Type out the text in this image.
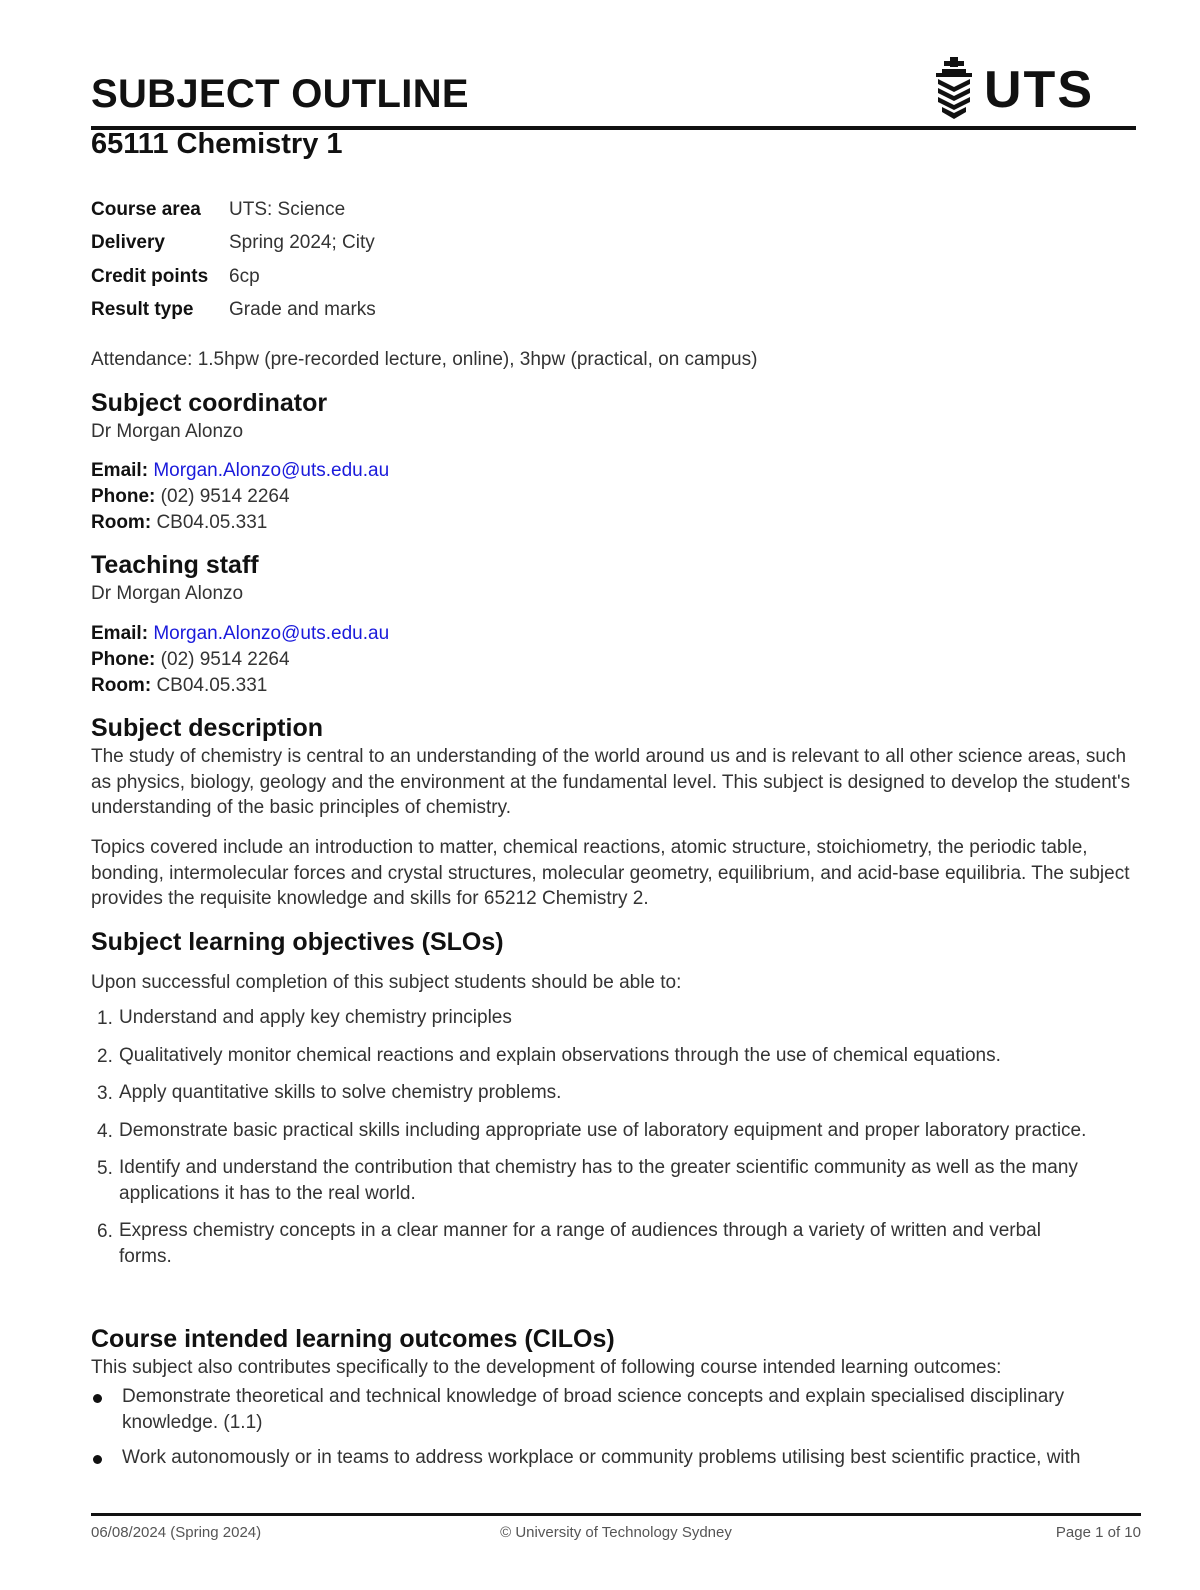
SUBJECT OUTLINE	UTS
65111 Chemistry 1
Course area	UTS: Science
Delivery	Spring 2024; City
Credit points	6cp
Result type	Grade and marks
Attendance: 1.5hpw (pre-recorded lecture, online), 3hpw (practical, on campus)
Subject coordinator
Dr Morgan Alonzo
Email: Morgan.Alonzo@uts.edu.au
Phone: (02) 9514 2264
Room: CB04.05.331
Teaching staff
Dr Morgan Alonzo
Email: Morgan.Alonzo@uts.edu.au
Phone: (02) 9514 2264
Room: CB04.05.331
Subject description
The study of chemistry is central to an understanding of the world around us and is relevant to all other science areas, such as physics, biology, geology and the environment at the fundamental level. This subject is designed to develop the student's understanding of the basic principles of chemistry.
Topics covered include an introduction to matter, chemical reactions, atomic structure, stoichiometry, the periodic table, bonding, intermolecular forces and crystal structures, molecular geometry, equilibrium, and acid-base equilibria. The subject provides the requisite knowledge and skills for 65212 Chemistry 2.
Subject learning objectives (SLOs)
Upon successful completion of this subject students should be able to:
1. Understand and apply key chemistry principles
2. Qualitatively monitor chemical reactions and explain observations through the use of chemical equations.
3. Apply quantitative skills to solve chemistry problems.
4. Demonstrate basic practical skills including appropriate use of laboratory equipment and proper laboratory practice.
5. Identify and understand the contribution that chemistry has to the greater scientific community as well as the many applications it has to the real world.
6. Express chemistry concepts in a clear manner for a range of audiences through a variety of written and verbal forms.
Course intended learning outcomes (CILOs)
This subject also contributes specifically to the development of following course intended learning outcomes:
Demonstrate theoretical and technical knowledge of broad science concepts and explain specialised disciplinary knowledge. (1.1)
Work autonomously or in teams to address workplace or community problems utilising best scientific practice, with
06/08/2024 (Spring 2024)	© University of Technology Sydney	Page 1 of 10
